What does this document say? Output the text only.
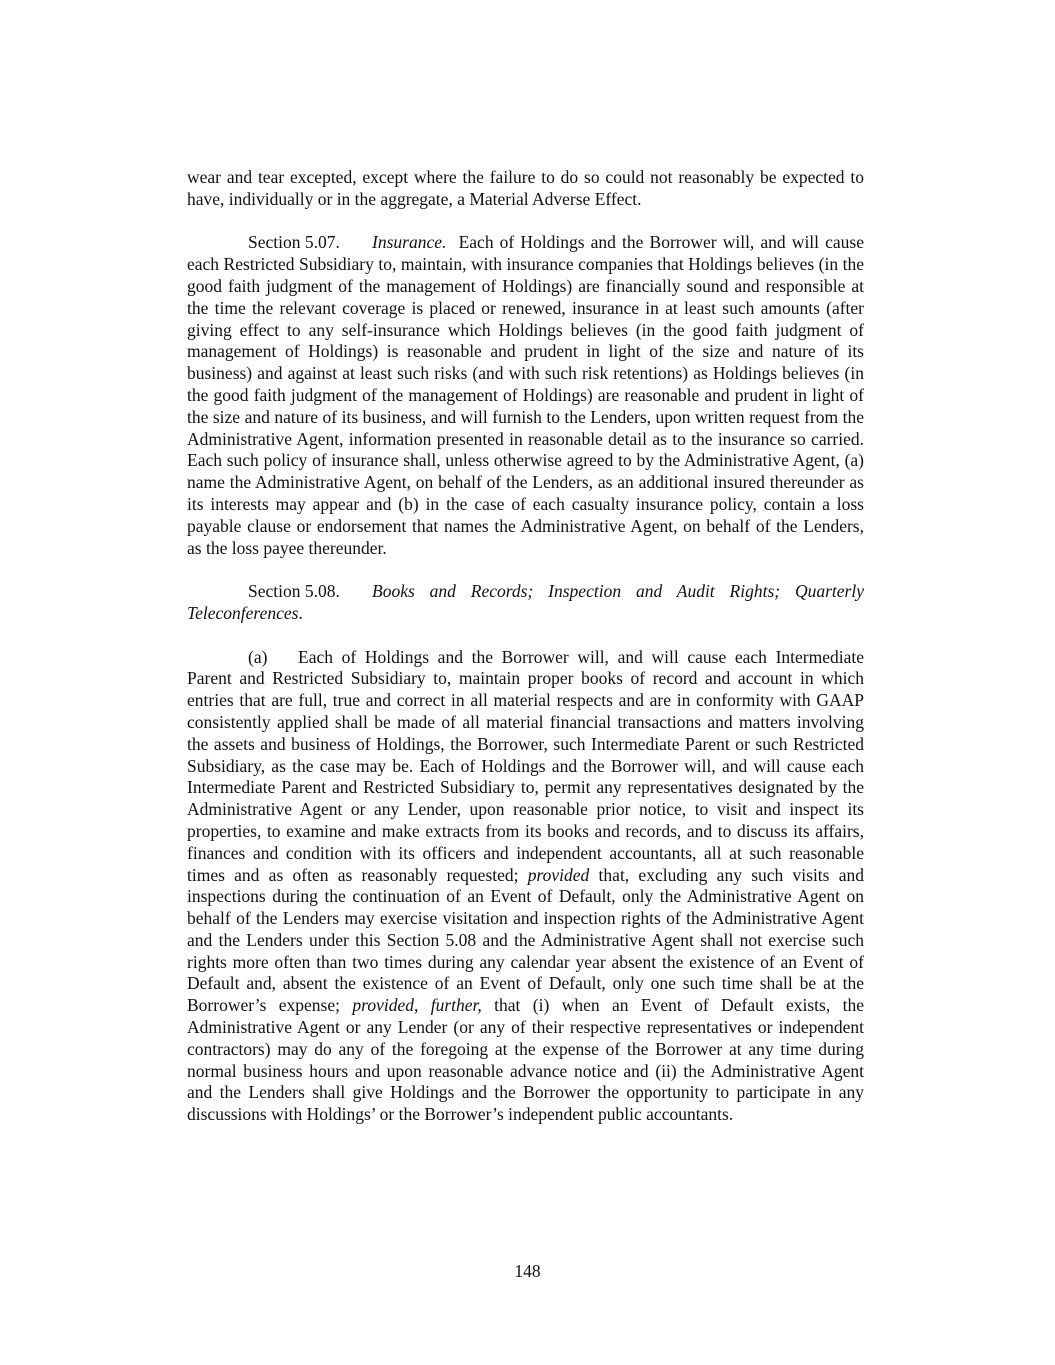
wear and tear excepted, except where the failure to do so could not reasonably be expected to have, individually or in the aggregate, a Material Adverse Effect.

Section 5.07. Insurance. Each of Holdings and the Borrower will, and will cause each Restricted Subsidiary to, maintain, with insurance companies that Holdings believes (in the good faith judgment of the management of Holdings) are financially sound and responsible at the time the relevant coverage is placed or renewed, insurance in at least such amounts (after giving effect to any self-insurance which Holdings believes (in the good faith judgment of management of Holdings) is reasonable and prudent in light of the size and nature of its business) and against at least such risks (and with such risk retentions) as Holdings believes (in the good faith judgment of the management of Holdings) are reasonable and prudent in light of the size and nature of its business, and will furnish to the Lenders, upon written request from the Administrative Agent, information presented in reasonable detail as to the insurance so carried. Each such policy of insurance shall, unless otherwise agreed to by the Administrative Agent, (a) name the Administrative Agent, on behalf of the Lenders, as an additional insured thereunder as its interests may appear and (b) in the case of each casualty insurance policy, contain a loss payable clause or endorsement that names the Administrative Agent, on behalf of the Lenders, as the loss payee thereunder.

Section 5.08. Books and Records; Inspection and Audit Rights; Quarterly Teleconferences.

(a) Each of Holdings and the Borrower will, and will cause each Intermediate Parent and Restricted Subsidiary to, maintain proper books of record and account in which entries that are full, true and correct in all material respects and are in conformity with GAAP consistently applied shall be made of all material financial transactions and matters involving the assets and business of Holdings, the Borrower, such Intermediate Parent or such Restricted Subsidiary, as the case may be. Each of Holdings and the Borrower will, and will cause each Intermediate Parent and Restricted Subsidiary to, permit any representatives designated by the Administrative Agent or any Lender, upon reasonable prior notice, to visit and inspect its properties, to examine and make extracts from its books and records, and to discuss its affairs, finances and condition with its officers and independent accountants, all at such reasonable times and as often as reasonably requested; provided that, excluding any such visits and inspections during the continuation of an Event of Default, only the Administrative Agent on behalf of the Lenders may exercise visitation and inspection rights of the Administrative Agent and the Lenders under this Section 5.08 and the Administrative Agent shall not exercise such rights more often than two times during any calendar year absent the existence of an Event of Default and, absent the existence of an Event of Default, only one such time shall be at the Borrower’s expense; provided, further, that (i) when an Event of Default exists, the Administrative Agent or any Lender (or any of their respective representatives or independent contractors) may do any of the foregoing at the expense of the Borrower at any time during normal business hours and upon reasonable advance notice and (ii) the Administrative Agent and the Lenders shall give Holdings and the Borrower the opportunity to participate in any discussions with Holdings’ or the Borrower’s independent public accountants.

148
